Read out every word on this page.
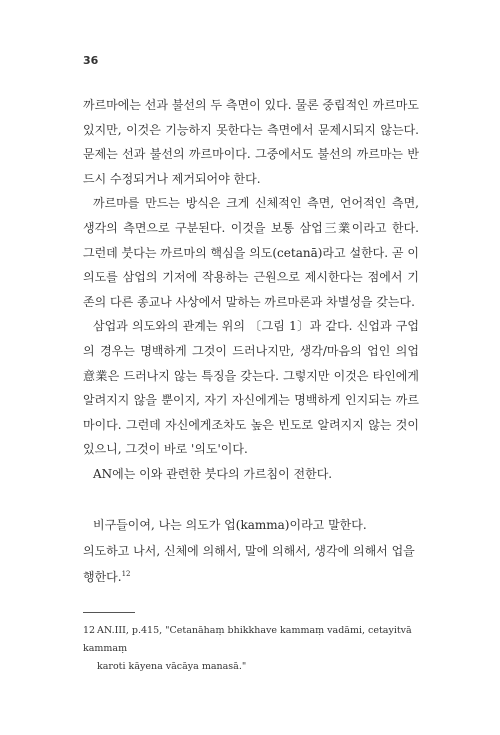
36

까르마에는 선과 불선의 두 측면이 있다. 물론 중립적인 까르마도 있지만, 이것은 기능하지 못한다는 측면에서 문제시되지 않는다. 문제는 선과 불선의 까르마이다. 그중에서도 불선의 까르마는 반드시 수정되거나 제거되어야 한다.

까르마를 만드는 방식은 크게 신체적인 측면, 언어적인 측면, 생각의 측면으로 구분된다. 이것을 보통 삼업三業이라고 한다. 그런데 붓다는 까르마의 핵심을 의도(cetanā)라고 설한다. 곧 이 의도를 삼업의 기저에 작용하는 근원으로 제시한다는 점에서 기존의 다른 종교나 사상에서 말하는 까르마론과 차별성을 갖는다.

삼업과 의도와의 관계는 위의 〔그림 1〕과 같다. 신업과 구업의 경우는 명백하게 그것이 드러나지만, 생각/마음의 업인 의업意業은 드러나지 않는 특징을 갖는다. 그렇지만 이것은 타인에게 알려지지 않을 뿐이지, 자기 자신에게는 명백하게 인지되는 까르마이다. 그런데 자신에게조차도 높은 빈도로 알려지지 않는 것이 있으니, 그것이 바로 '의도'이다.

AN에는 이와 관련한 붓다의 가르침이 전한다.

비구들이여, 나는 의도가 업(kamma)이라고 말한다.

의도하고 나서, 신체에 의해서, 말에 의해서, 생각에 의해서 업을

행한다.$^{12}$

12 AN.III, p.415, "Cetanāhaṃ bhikkhave kammaṃ vadāmi, cetayitvā kammaṃ
karoti kāyena vācāya manasā."
